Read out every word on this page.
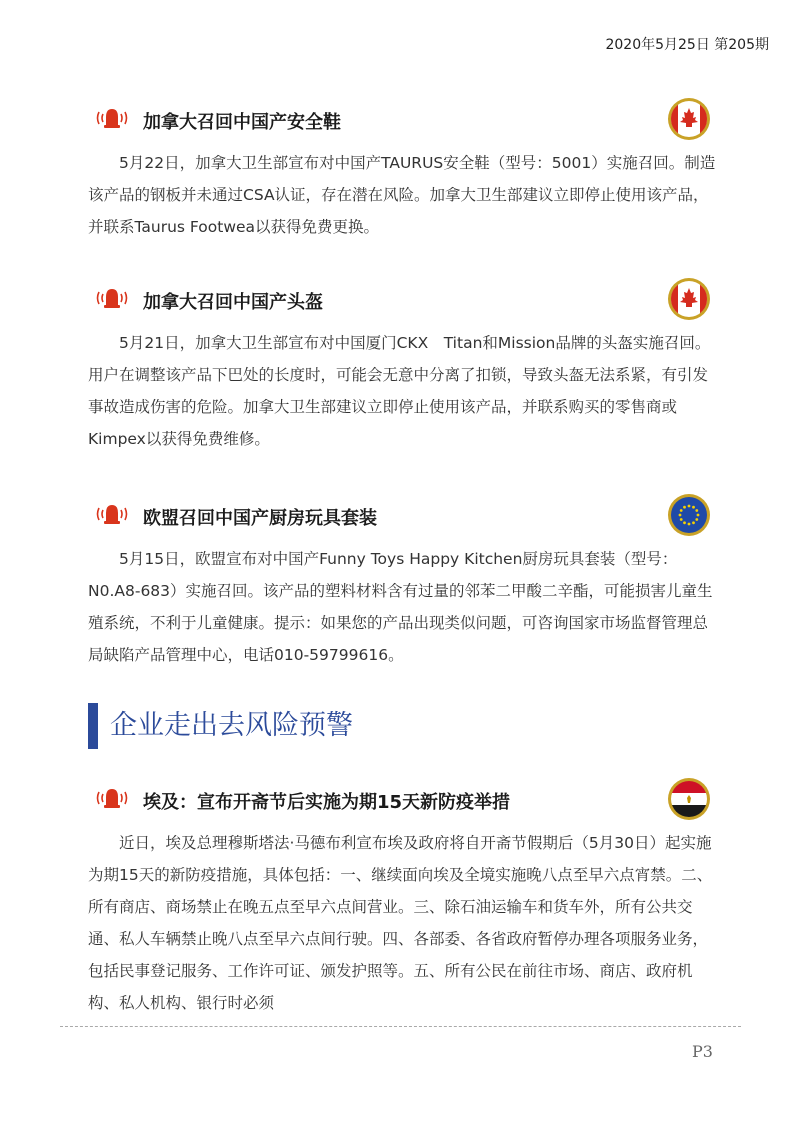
2020年5月25日 第205期
加拿大召回中国产安全鞋

5月22日，加拿大卫生部宣布对中国产TAURUS安全鞋（型号：5001）实施召回。制造该产品的钢板并未通过CSA认证，存在潜在风险。加拿大卫生部建议立即停止使用该产品，并联系Taurus Footwea以获得免费更换。

加拿大召回中国产头盔

5月21日，加拿大卫生部宣布对中国厦门CKX　Titan和Mission品牌的头盔实施召回。用户在调整该产品下巴处的长度时，可能会无意中分离了扣锁，导致头盔无法系紧，有引发事故造成伤害的危险。加拿大卫生部建议立即停止使用该产品，并联系购买的零售商或Kimpex以获得免费维修。

欧盟召回中国产厨房玩具套装

5月15日，欧盟宣布对中国产Funny Toys Happy Kitchen厨房玩具套装（型号：N0.A8-683）实施召回。该产品的塑料材料含有过量的邻苯二甲酸二辛酯，可能损害儿童生殖系统，不利于儿童健康。提示：如果您的产品出现类似问题，可咨询国家市场监督管理总局缺陷产品管理中心，电话010-59799616。

企业走出去风险预警
埃及：宣布开斋节后实施为期15天新防疫举措

近日，埃及总理穆斯塔法·马德布利宣布埃及政府将自开斋节假期后（5月30日）起实施为期15天的新防疫措施，具体包括：一、继续面向埃及全境实施晚八点至早六点宵禁。二、所有商店、商场禁止在晚五点至早六点间营业。三、除石油运输车和货车外，所有公共交通、私人车辆禁止晚八点至早六点间行驶。四、各部委、各省政府暂停办理各项服务业务，包括民事登记服务、工作许可证、颁发护照等。五、所有公民在前往市场、商店、政府机构、私人机构、银行时必须

P3
